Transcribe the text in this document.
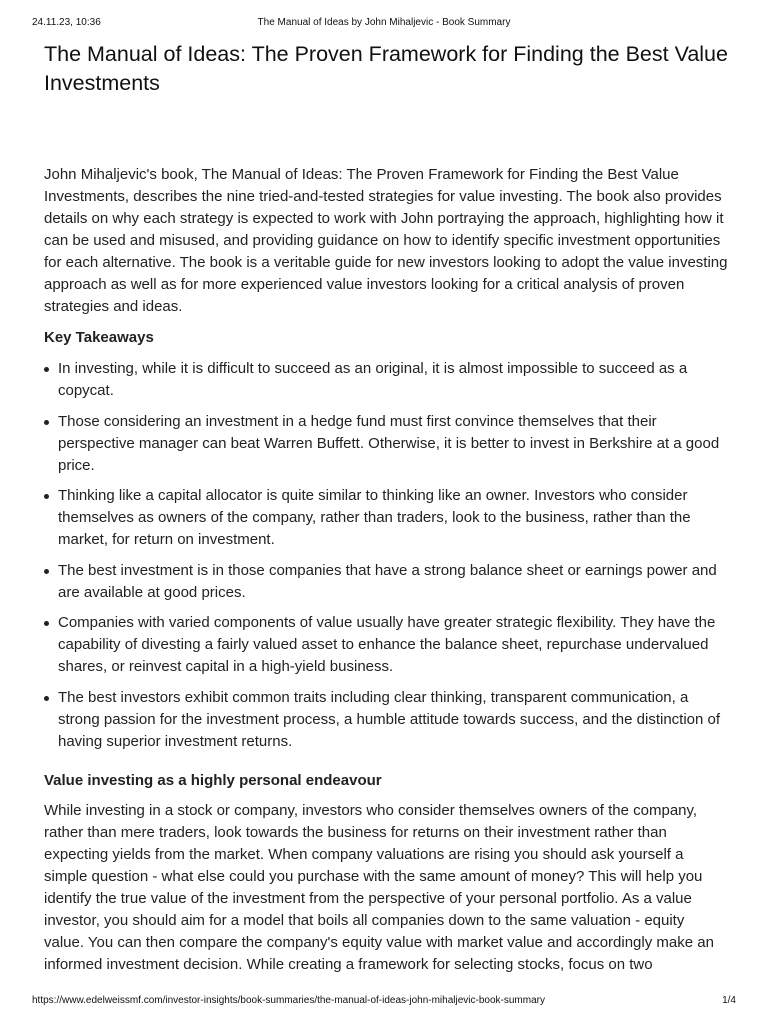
24.11.23, 10:36	The Manual of Ideas by John Mihaljevic - Book Summary
The Manual of Ideas: The Proven Framework for Finding the Best Value Investments

John Mihaljevic's book, The Manual of Ideas: The Proven Framework for Finding the Best Value Investments, describes the nine tried-and-tested strategies for value investing. The book also provides details on why each strategy is expected to work with John portraying the approach, highlighting how it can be used and misused, and providing guidance on how to identify specific investment opportunities for each alternative. The book is a veritable guide for new investors looking to adopt the value investing approach as well as for more experienced value investors looking for a critical analysis of proven strategies and ideas.

Key Takeaways
In investing, while it is difficult to succeed as an original, it is almost impossible to succeed as a copycat.
Those considering an investment in a hedge fund must first convince themselves that their perspective manager can beat Warren Buffett. Otherwise, it is better to invest in Berkshire at a good price.
Thinking like a capital allocator is quite similar to thinking like an owner. Investors who consider themselves as owners of the company, rather than traders, look to the business, rather than the market, for return on investment.
The best investment is in those companies that have a strong balance sheet or earnings power and are available at good prices.
Companies with varied components of value usually have greater strategic flexibility. They have the capability of divesting a fairly valued asset to enhance the balance sheet, repurchase undervalued shares, or reinvest capital in a high-yield business.
The best investors exhibit common traits including clear thinking, transparent communication, a strong passion for the investment process, a humble attitude towards success, and the distinction of having superior investment returns.
Value investing as a highly personal endeavour

While investing in a stock or company, investors who consider themselves owners of the company, rather than mere traders, look towards the business for returns on their investment rather than expecting yields from the market. When company valuations are rising you should ask yourself a simple question - what else could you purchase with the same amount of money? This will help you identify the true value of the investment from the perspective of your personal portfolio. As a value investor, you should aim for a model that boils all companies down to the same valuation - equity value. You can then compare the company's equity value with market value and accordingly make an informed investment decision. While creating a framework for selecting stocks, focus on two

https://www.edelweissmf.com/investor-insights/book-summaries/the-manual-of-ideas-john-mihaljevic-book-summary	1/4
